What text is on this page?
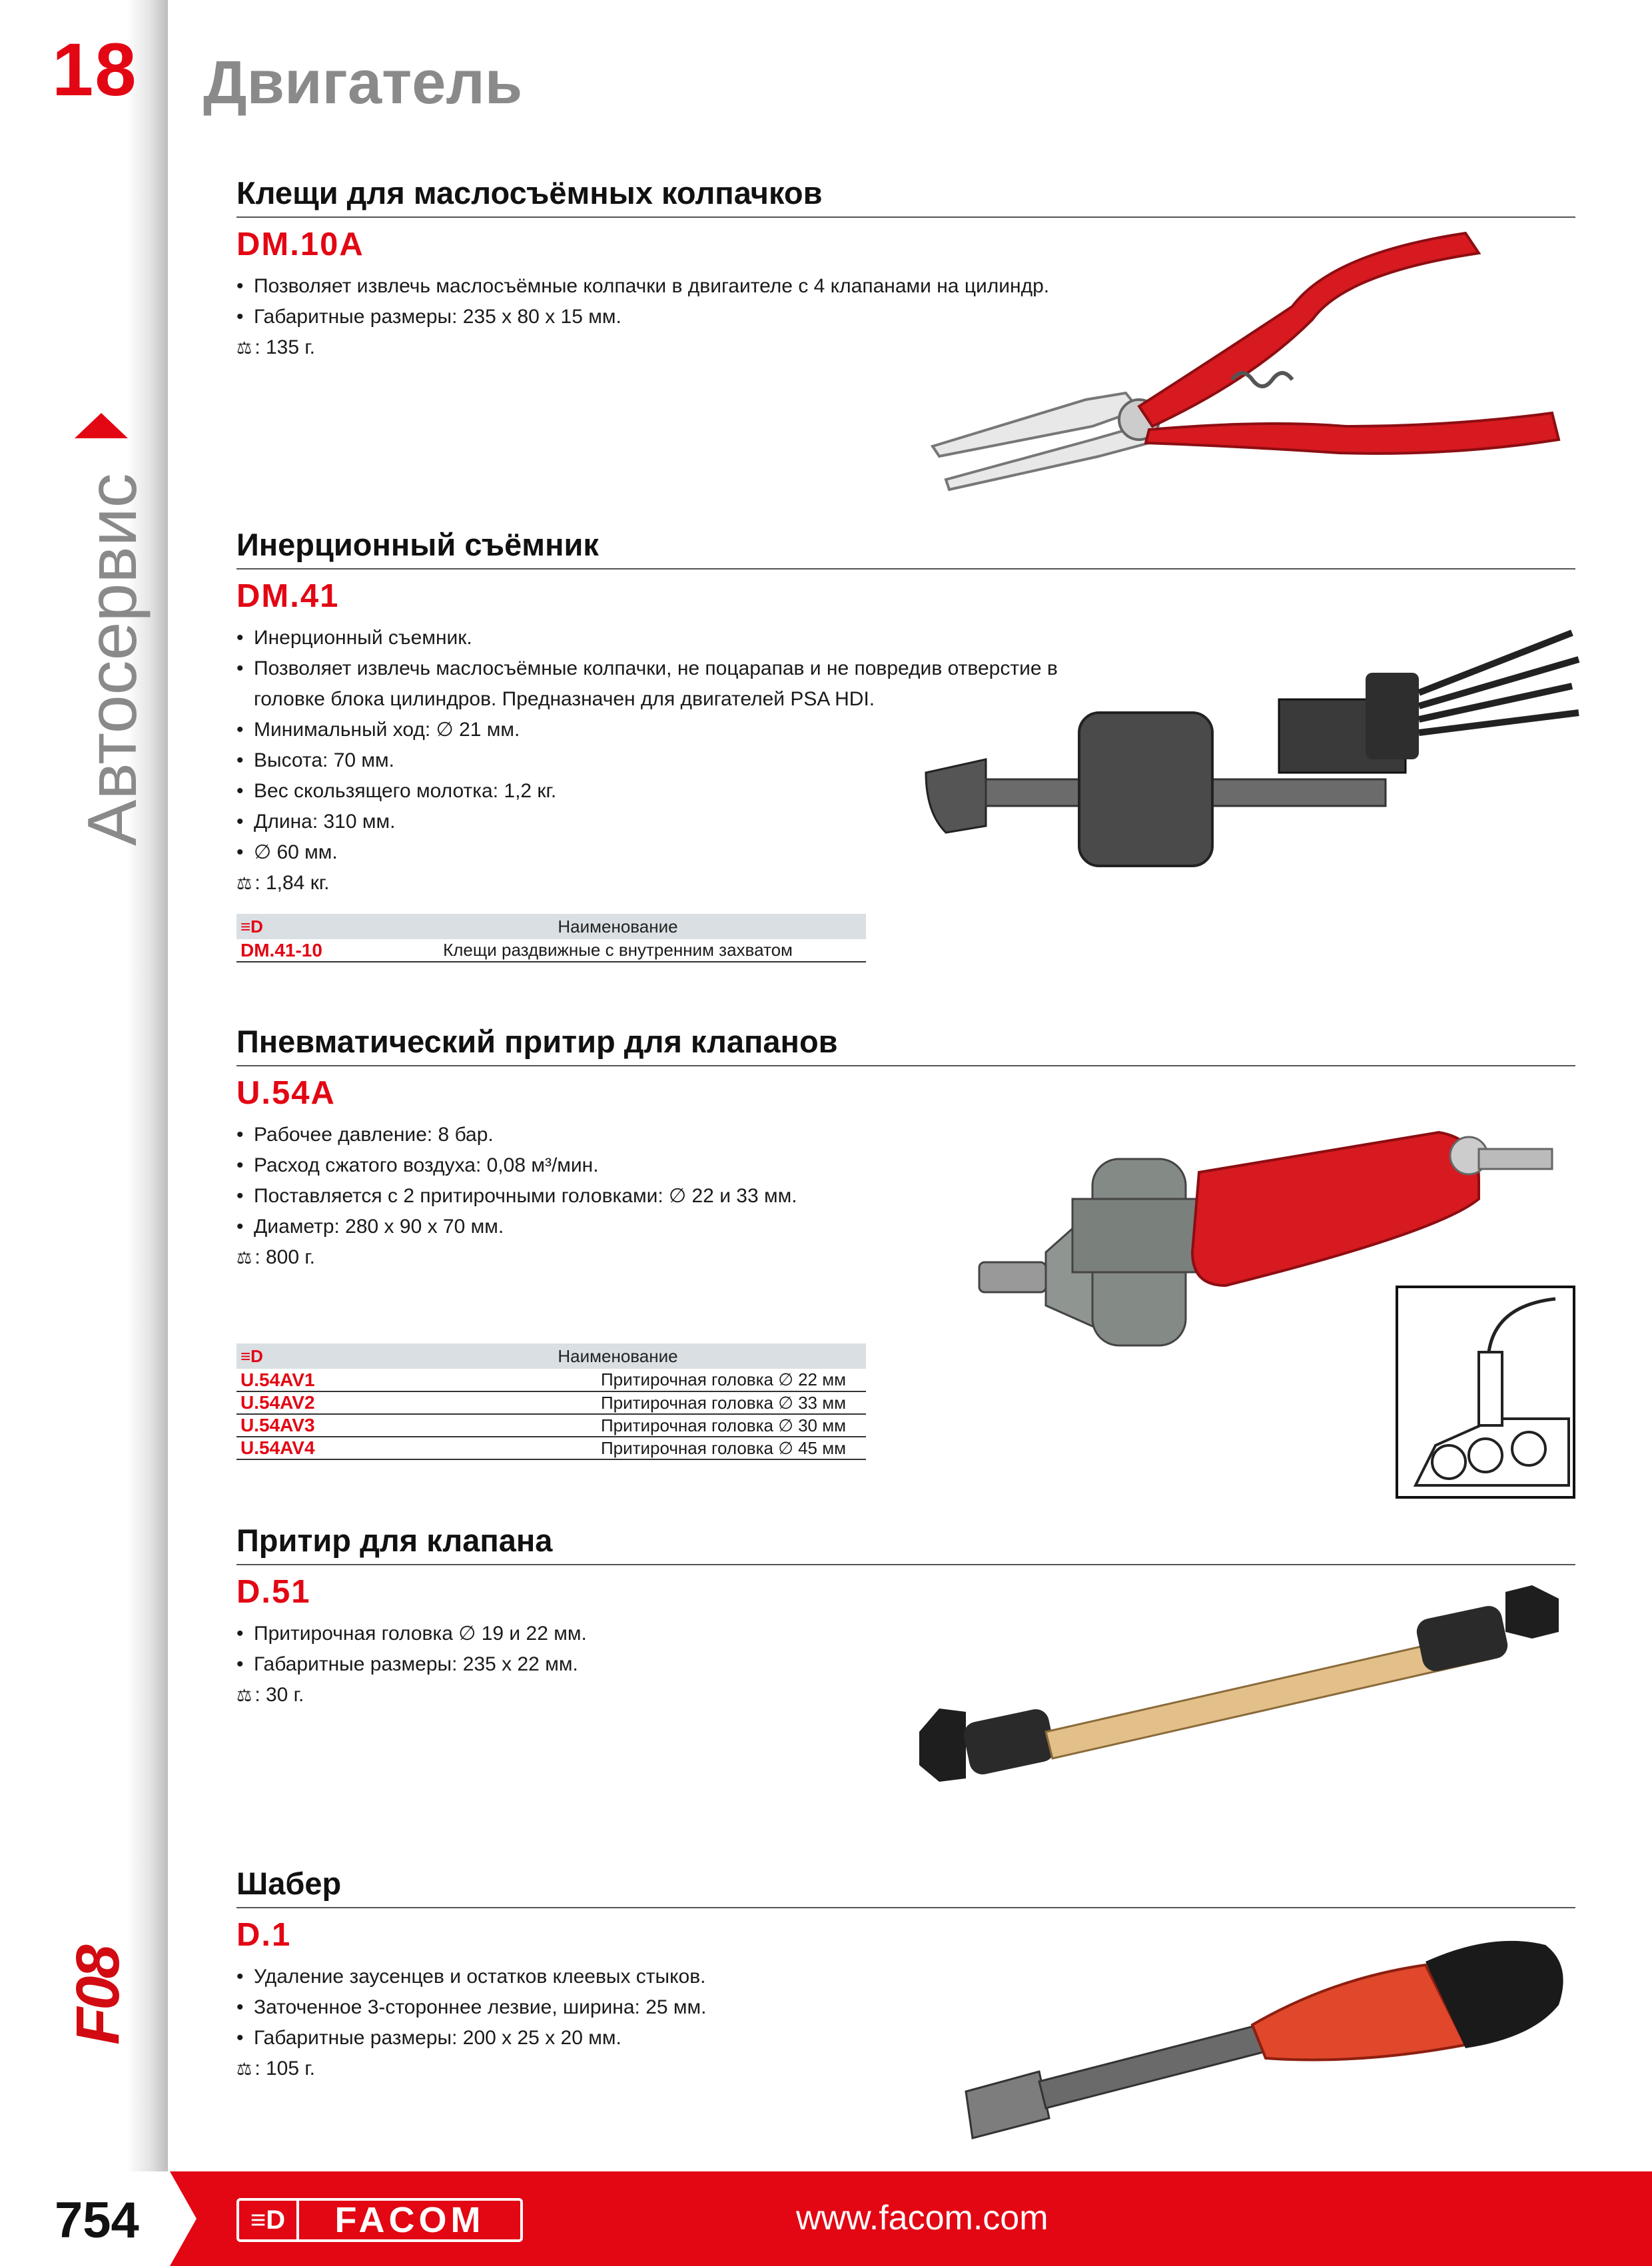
18 Двигатель
Автосервис
F08
Клещи для маслосъёмных колпачков
DM.10A
• Позволяет извлечь маслосъёмные колпачки в двигаителе с 4 клапанами на цилиндр.
• Габаритные размеры: 235 x 80 x 15 мм.
⚖ : 135 г.
Инерционный съёмник
DM.41
• Инерционный съемник.
• Позволяет извлечь маслосъёмные колпачки, не поцарапав и не повредив отверстие в головке блока цилиндров. Предназначен для двигателей PSA HDI.
• Минимальный ход: ∅ 21 мм.
• Высота: 70 мм.
• Вес скользящего молотка: 1,2 кг.
• Длина: 310 мм.
• ∅ 60 мм.
⚖ : 1,84 кг.
≡D	Наименование
DM.41-10	Клещи раздвижные с внутренним захватом
Пневматический притир для клапанов
U.54A
• Рабочее давление: 8 бар.
• Расход сжатого воздуха: 0,08 м³/мин.
• Поставляется с 2 притирочными головками: ∅ 22 и 33 мм.
• Диаметр: 280 x 90 x 70 мм.
⚖ : 800 г.
≡D	Наименование
U.54AV1	Притирочная головка ∅ 22 мм
U.54AV2	Притирочная головка ∅ 33 мм
U.54AV3	Притирочная головка ∅ 30 мм
U.54AV4	Притирочная головка ∅ 45 мм
Притир для клапана
D.51
• Притирочная головка ∅ 19 и 22 мм.
• Габаритные размеры: 235 x 22 мм.
⚖ : 30 г.
Шабер
D.1
• Удаление заусенцев и остатков клеевых стыков.
• Заточенное 3-стороннее лезвие, ширина: 25 мм.
• Габаритные размеры: 200 x 25 x 20 мм.
⚖ : 105 г.
754	≡D	FACOM	www.facom.com
